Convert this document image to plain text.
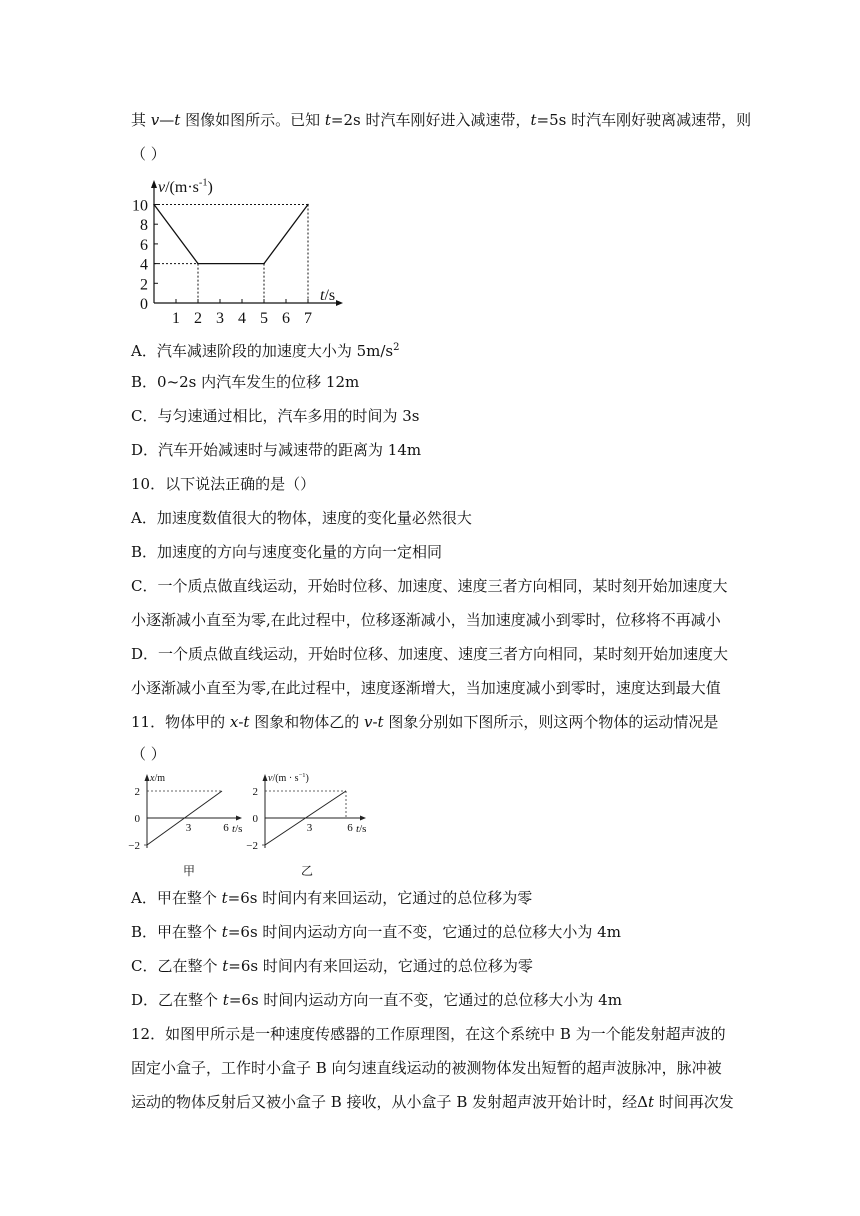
其 v—t 图像如图所示。已知 t=2s 时汽车刚好进入减速带，t=5s 时汽车刚好驶离减速带，则
（ ）
0
2
4
6
8
10
1 2 3 4 5 6 7
$v/(m\cdot s^{-1})$
t/s
A．汽车减速阶段的加速度大小为 $5m/s^2$
B．0~2s 内汽车发生的位移 12m
C．与匀速通过相比，汽车多用的时间为 3s
D．汽车开始减速时与减速带的距离为 14m
10．以下说法正确的是（）
A．加速度数值很大的物体，速度的变化量必然很大
B．加速度的方向与速度变化量的方向一定相同
C．一个质点做直线运动，开始时位移、加速度、速度三者方向相同，某时刻开始加速度大
小逐渐减小直至为零,在此过程中，位移逐渐减小，当加速度减小到零时，位移将不再减小
D．一个质点做直线运动，开始时位移、加速度、速度三者方向相同，某时刻开始加速度大
小逐渐减小直至为零,在此过程中，速度逐渐增大，当加速度减小到零时，速度达到最大值
11．物体甲的 x-t 图象和物体乙的 v-t 图象分别如下图所示，则这两个物体的运动情况是
（ ）
2
0
−2
3	6
x/m
t/s
甲
2
0
−2
3	6
$v/(m \cdot s^{-1})$
t/s
乙
A．甲在整个 t=6s 时间内有来回运动，它通过的总位移为零
B．甲在整个 t=6s 时间内运动方向一直不变，它通过的总位移大小为 4m
C．乙在整个 t=6s 时间内有来回运动，它通过的总位移为零
D．乙在整个 t=6s 时间内运动方向一直不变，它通过的总位移大小为 4m
12．如图甲所示是一种速度传感器的工作原理图，在这个系统中 B 为一个能发射超声波的
固定小盒子，工作时小盒子 B 向匀速直线运动的被测物体发出短暂的超声波脉冲，脉冲被
运动的物体反射后又被小盒子 B 接收，从小盒子 B 发射超声波开始计时，经Δt 时间再次发
